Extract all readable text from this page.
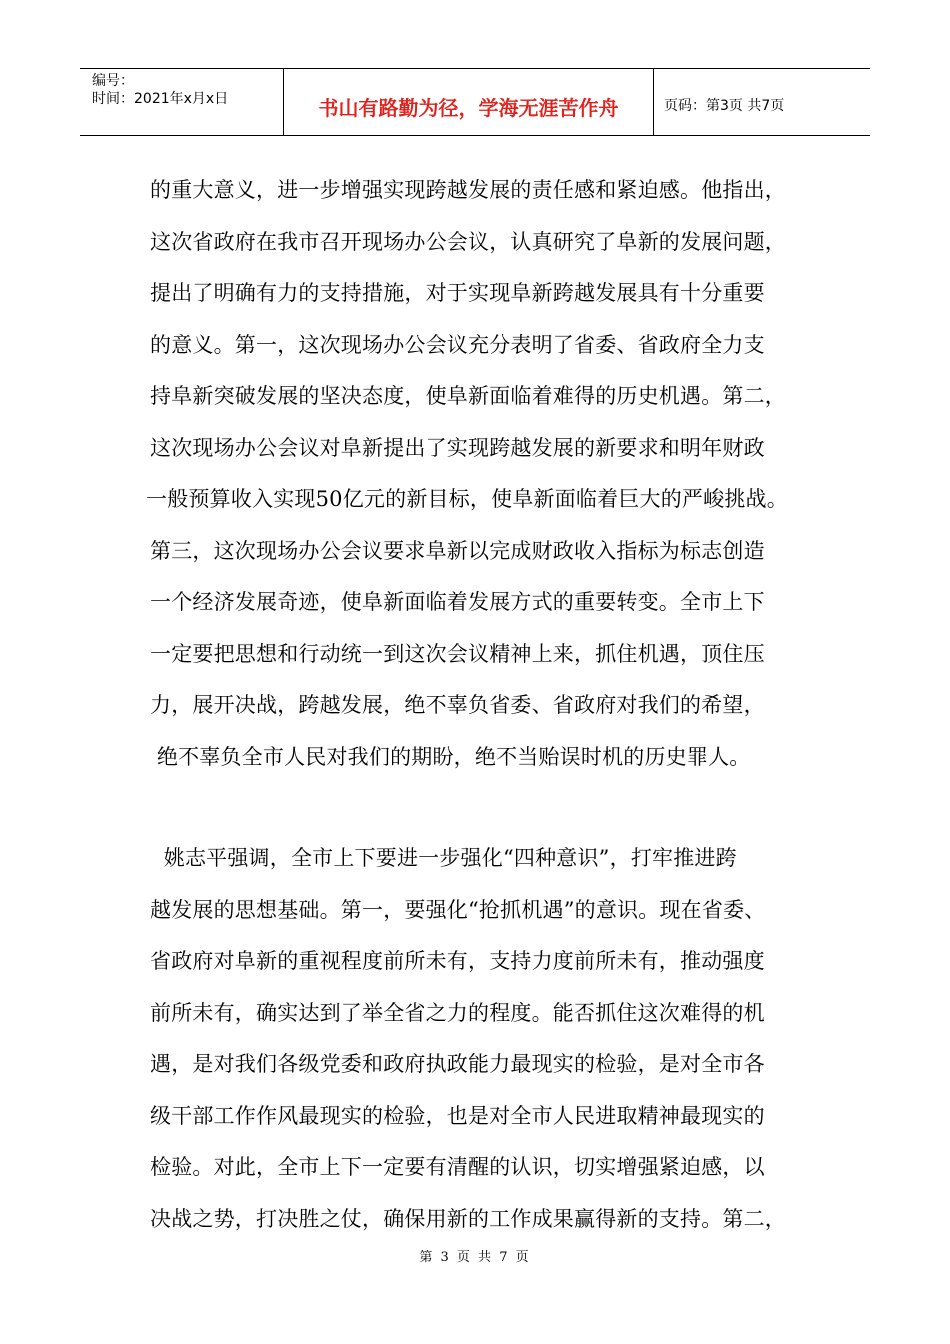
编号：
时间：2021年x月x日	书山有路勤为径，学海无涯苦作舟	页码：第3页 共7页
的重大意义，进一步增强实现跨越发展的责任感和紧迫感。他指出，
这次省政府在我市召开现场办公会议，认真研究了阜新的发展问题，
提出了明确有力的支持措施，对于实现阜新跨越发展具有十分重要
的意义。第一，这次现场办公会议充分表明了省委、省政府全力支
持阜新突破发展的坚决态度，使阜新面临着难得的历史机遇。第二，
这次现场办公会议对阜新提出了实现跨越发展的新要求和明年财政
一般预算收入实现50亿元的新目标，使阜新面临着巨大的严峻挑战。
第三，这次现场办公会议要求阜新以完成财政收入指标为标志创造
一个经济发展奇迹，使阜新面临着发展方式的重要转变。全市上下
一定要把思想和行动统一到这次会议精神上来，抓住机遇，顶住压
力，展开决战，跨越发展，绝不辜负省委、省政府对我们的希望，
绝不辜负全市人民对我们的期盼，绝不当贻误时机的历史罪人。
姚志平强调，全市上下要进一步强化“四种意识”，打牢推进跨
越发展的思想基础。第一，要强化“抢抓机遇”的意识。现在省委、
省政府对阜新的重视程度前所未有，支持力度前所未有，推动强度
前所未有，确实达到了举全省之力的程度。能否抓住这次难得的机
遇，是对我们各级党委和政府执政能力最现实的检验，是对全市各
级干部工作作风最现实的检验，也是对全市人民进取精神最现实的
检验。对此，全市上下一定要有清醒的认识，切实增强紧迫感，以
决战之势，打决胜之仗，确保用新的工作成果赢得新的支持。第二，
第 3 页 共 7 页
